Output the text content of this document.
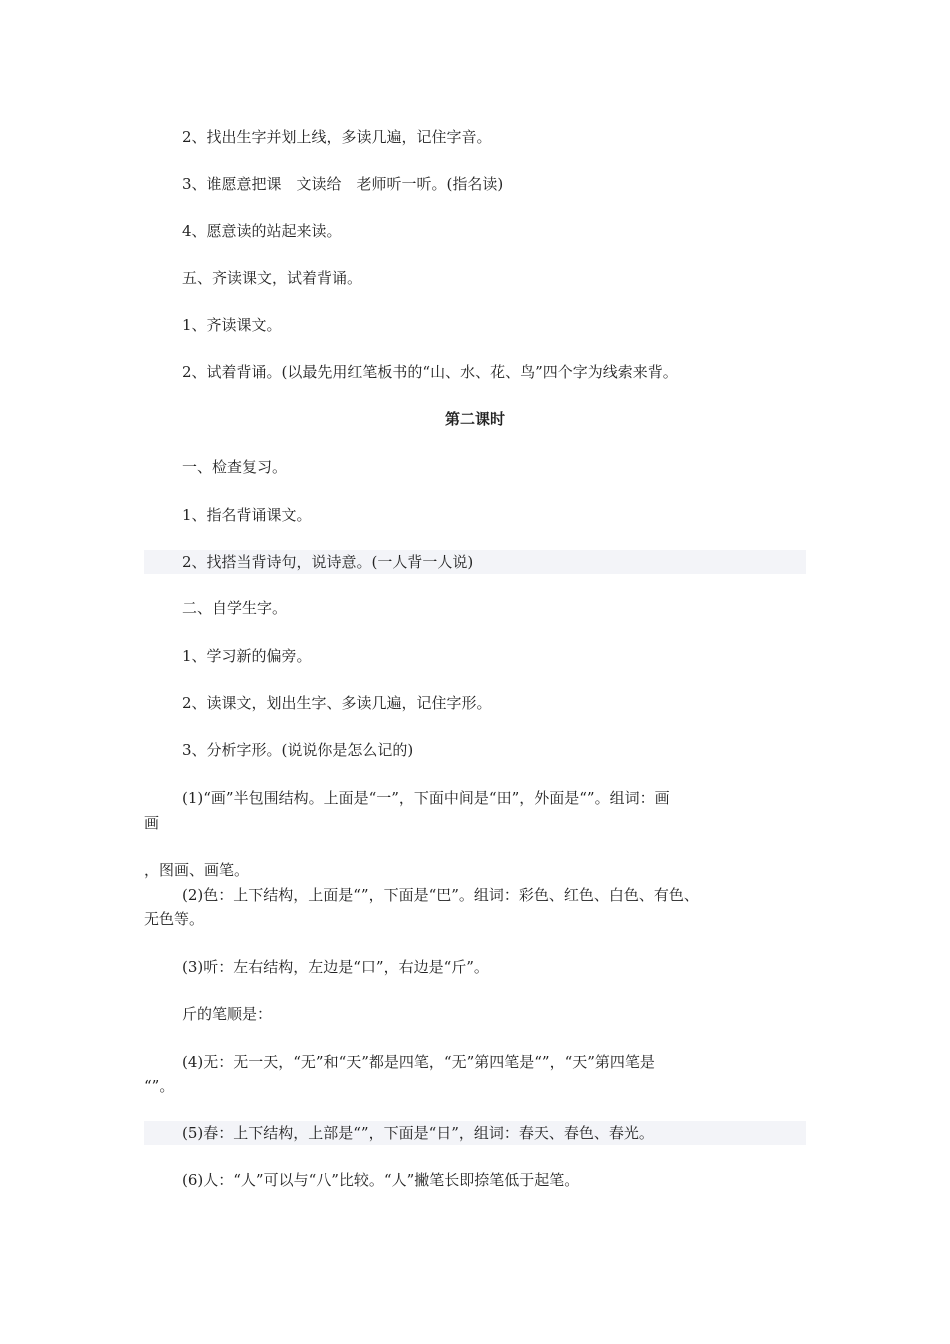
2、找出生字并划上线，多读几遍，记住字音。
3、谁愿意把课　文读给　老师听一听。(指名读)
4、愿意读的站起来读。
五、齐读课文，试着背诵。
1、齐读课文。
2、试着背诵。(以最先用红笔板书的“山、水、花、鸟”四个字为线索来背。
第二课时
一、检查复习。
1、指名背诵课文。
2、找搭当背诗句，说诗意。(一人背一人说)
二、自学生字。
1、学习新的偏旁。
2、读课文，划出生字、多读几遍，记住字形。
3、分析字形。(说说你是怎么记的)
(1)“画”半包围结构。上面是“一”，下面中间是“田”，外面是“”。组词：画
画
，图画、画笔。
(2)色：上下结构，上面是“”，下面是“巴”。组词：彩色、红色、白色、有色、
无色等。
(3)听：左右结构，左边是“口”，右边是“斤”。
斤的笔顺是：
(4)无：无一天，“无”和“天”都是四笔，“无”第四笔是“”，“天”第四笔是
“”。
(5)春：上下结构，上部是“”，下面是“日”，组词：春天、春色、春光。
(6)人：“人”可以与“八”比较。“人”撇笔长即捺笔低于起笔。
